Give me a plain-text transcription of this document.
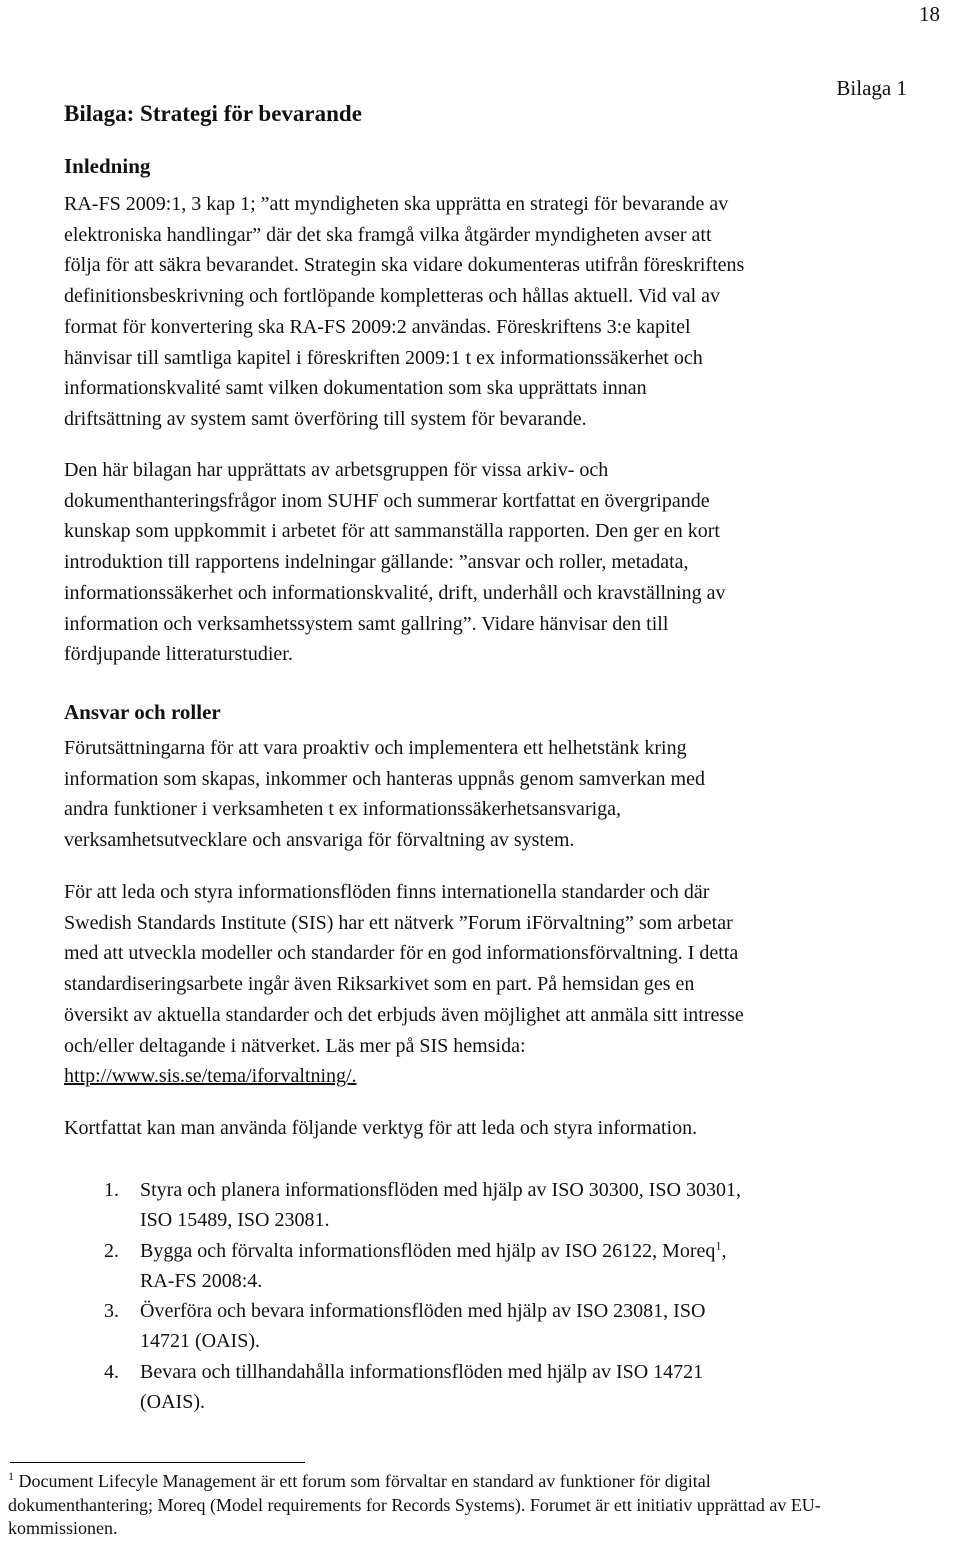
18
Bilaga 1
Bilaga: Strategi för bevarande
Inledning
RA-FS 2009:1, 3 kap 1; ”att myndigheten ska upprätta en strategi för bevarande av
elektroniska handlingar” där det ska framgå vilka åtgärder myndigheten avser att
följa för att säkra bevarandet. Strategin ska vidare dokumenteras utifrån föreskriftens
definitionsbeskrivning och fortlöpande kompletteras och hållas aktuell. Vid val av
format för konvertering ska RA-FS 2009:2 användas. Föreskriftens 3:e kapitel
hänvisar till samtliga kapitel i föreskriften 2009:1 t ex informationssäkerhet och
informationskvalité samt vilken dokumentation som ska upprättats innan
driftsättning av system samt överföring till system för bevarande.
Den här bilagan har upprättats av arbetsgruppen för vissa arkiv- och
dokumenthanteringsfrågor inom SUHF och summerar kortfattat en övergripande
kunskap som uppkommit i arbetet för att sammanställa rapporten. Den ger en kort
introduktion till rapportens indelningar gällande: ”ansvar och roller, metadata,
informationssäkerhet och informationskvalité, drift, underhåll och kravställning av
information och verksamhetssystem samt gallring”. Vidare hänvisar den till
fördjupande litteraturstudier.
Ansvar och roller
Förutsättningarna för att vara proaktiv och implementera ett helhetstänk kring
information som skapas, inkommer och hanteras uppnås genom samverkan med
andra funktioner i verksamheten t ex informationssäkerhetsansvariga,
verksamhetsutvecklare och ansvariga för förvaltning av system.
För att leda och styra informationsflöden finns internationella standarder och där
Swedish Standards Institute (SIS) har ett nätverk ”Forum iFörvaltning” som arbetar
med att utveckla modeller och standarder för en god informationsförvaltning. I detta
standardiseringsarbete ingår även Riksarkivet som en part. På hemsidan ges en
översikt av aktuella standarder och det erbjuds även möjlighet att anmäla sitt intresse
och/eller deltagande i nätverket. Läs mer på SIS hemsida:
http://www.sis.se/tema/iforvaltning/.
Kortfattat kan man använda följande verktyg för att leda och styra information.
1. Styra och planera informationsflöden med hjälp av ISO 30300, ISO 30301,
ISO 15489, ISO 23081.
2. Bygga och förvalta informationsflöden med hjälp av ISO 26122, Moreq$^1$,
RA-FS 2008:4.
3. Överföra och bevara informationsflöden med hjälp av ISO 23081, ISO
14721 (OAIS).
4. Bevara och tillhandahålla informationsflöden med hjälp av ISO 14721
(OAIS).
$^1$ Document Lifecyle Management är ett forum som förvaltar en standard av funktioner för digital
dokumenthantering; Moreq (Model requirements for Records Systems). Forumet är ett initiativ upprättad av EU-
kommissionen.
